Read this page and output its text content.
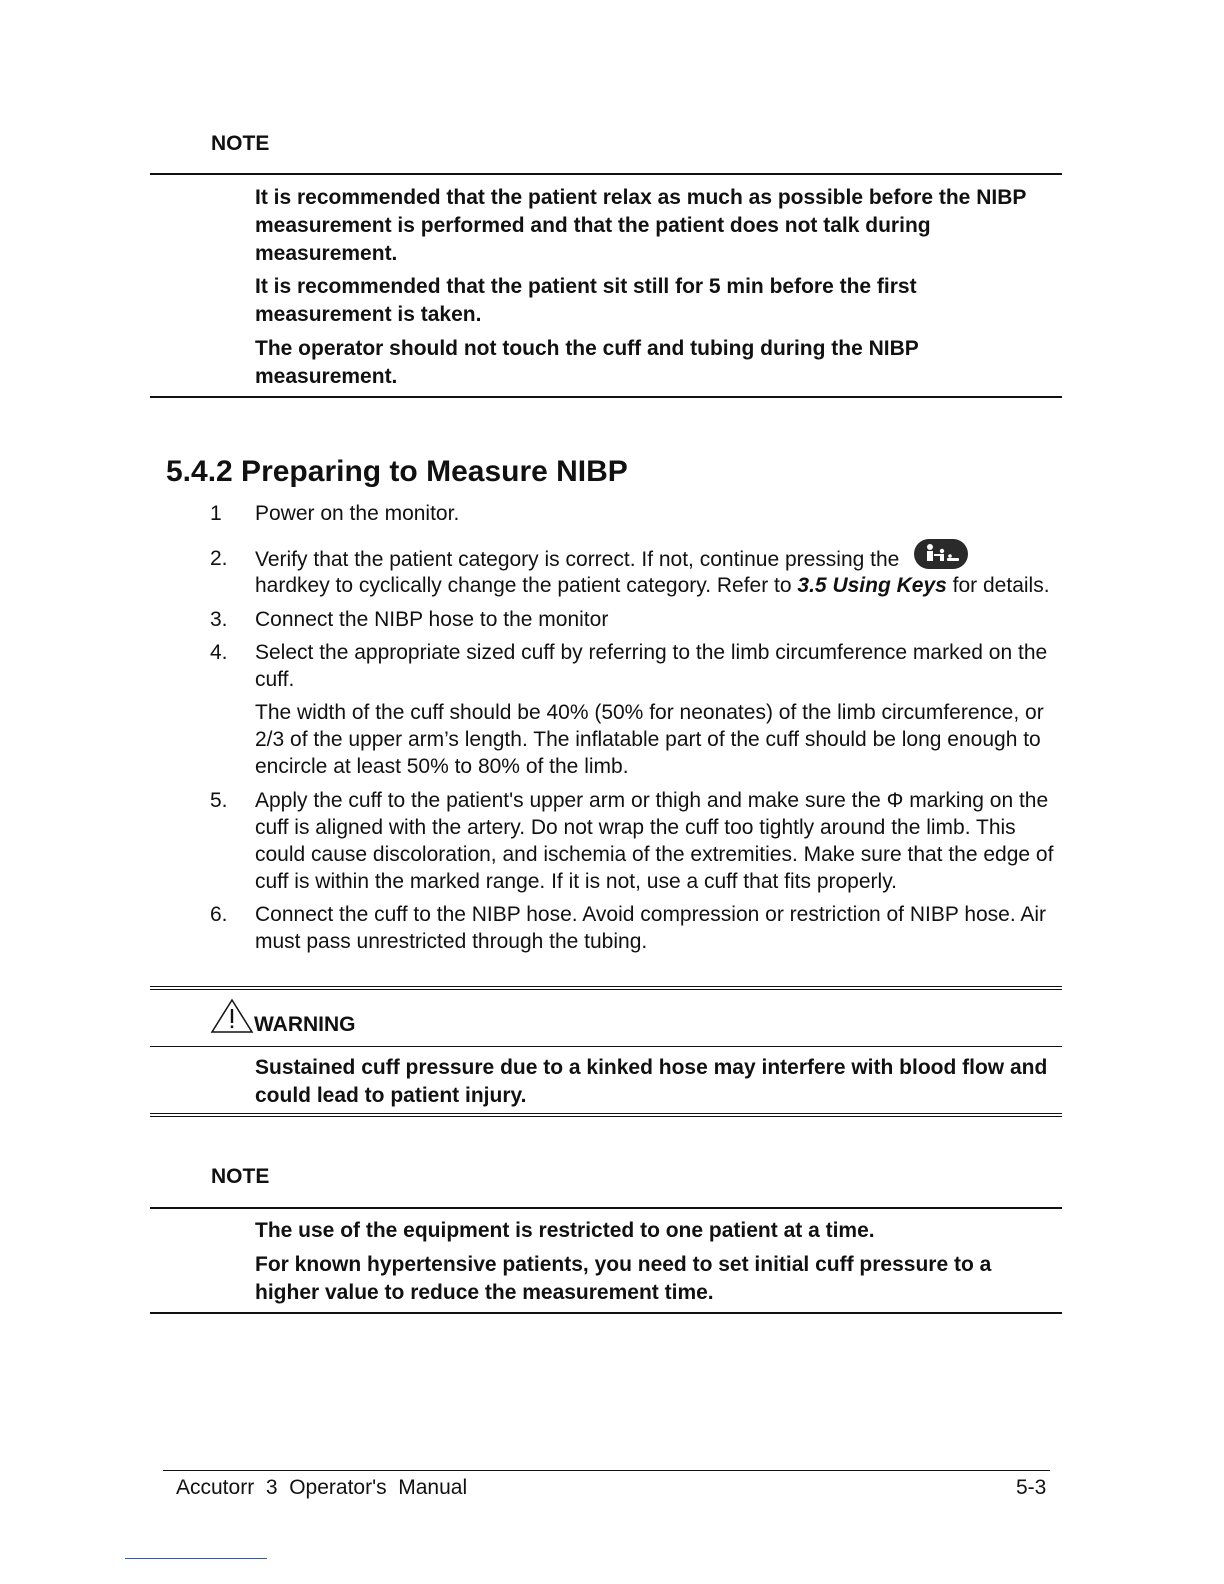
NOTE
It is recommended that the patient relax as much as possible before the NIBP measurement is performed and that the patient does not talk during measurement.
It is recommended that the patient sit still for 5 min before the first measurement is taken.
The operator should not touch the cuff and tubing during the NIBP measurement.
5.4.2 Preparing to Measure NIBP
1 Power on the monitor.
2. Verify that the patient category is correct. If not, continue pressing the
hardkey to cyclically change the patient category. Refer to 3.5 Using Keys for details.
3. Connect the NIBP hose to the monitor
4. Select the appropriate sized cuff by referring to the limb circumference marked on the cuff.
The width of the cuff should be 40% (50% for neonates) of the limb circumference, or 2/3 of the upper arm’s length. The inflatable part of the cuff should be long enough to encircle at least 50% to 80% of the limb.
5. Apply the cuff to the patient's upper arm or thigh and make sure the Φ marking on the cuff is aligned with the artery. Do not wrap the cuff too tightly around the limb. This could cause discoloration, and ischemia of the extremities. Make sure that the edge of cuff is within the marked range. If it is not, use a cuff that fits properly.
6. Connect the cuff to the NIBP hose. Avoid compression or restriction of NIBP hose. Air must pass unrestricted through the tubing.
WARNING
Sustained cuff pressure due to a kinked hose may interfere with blood flow and could lead to patient injury.
NOTE
The use of the equipment is restricted to one patient at a time.
For known hypertensive patients, you need to set initial cuff pressure to a higher value to reduce the measurement time.
Accutorr  3  Operator's  Manual	5-3
